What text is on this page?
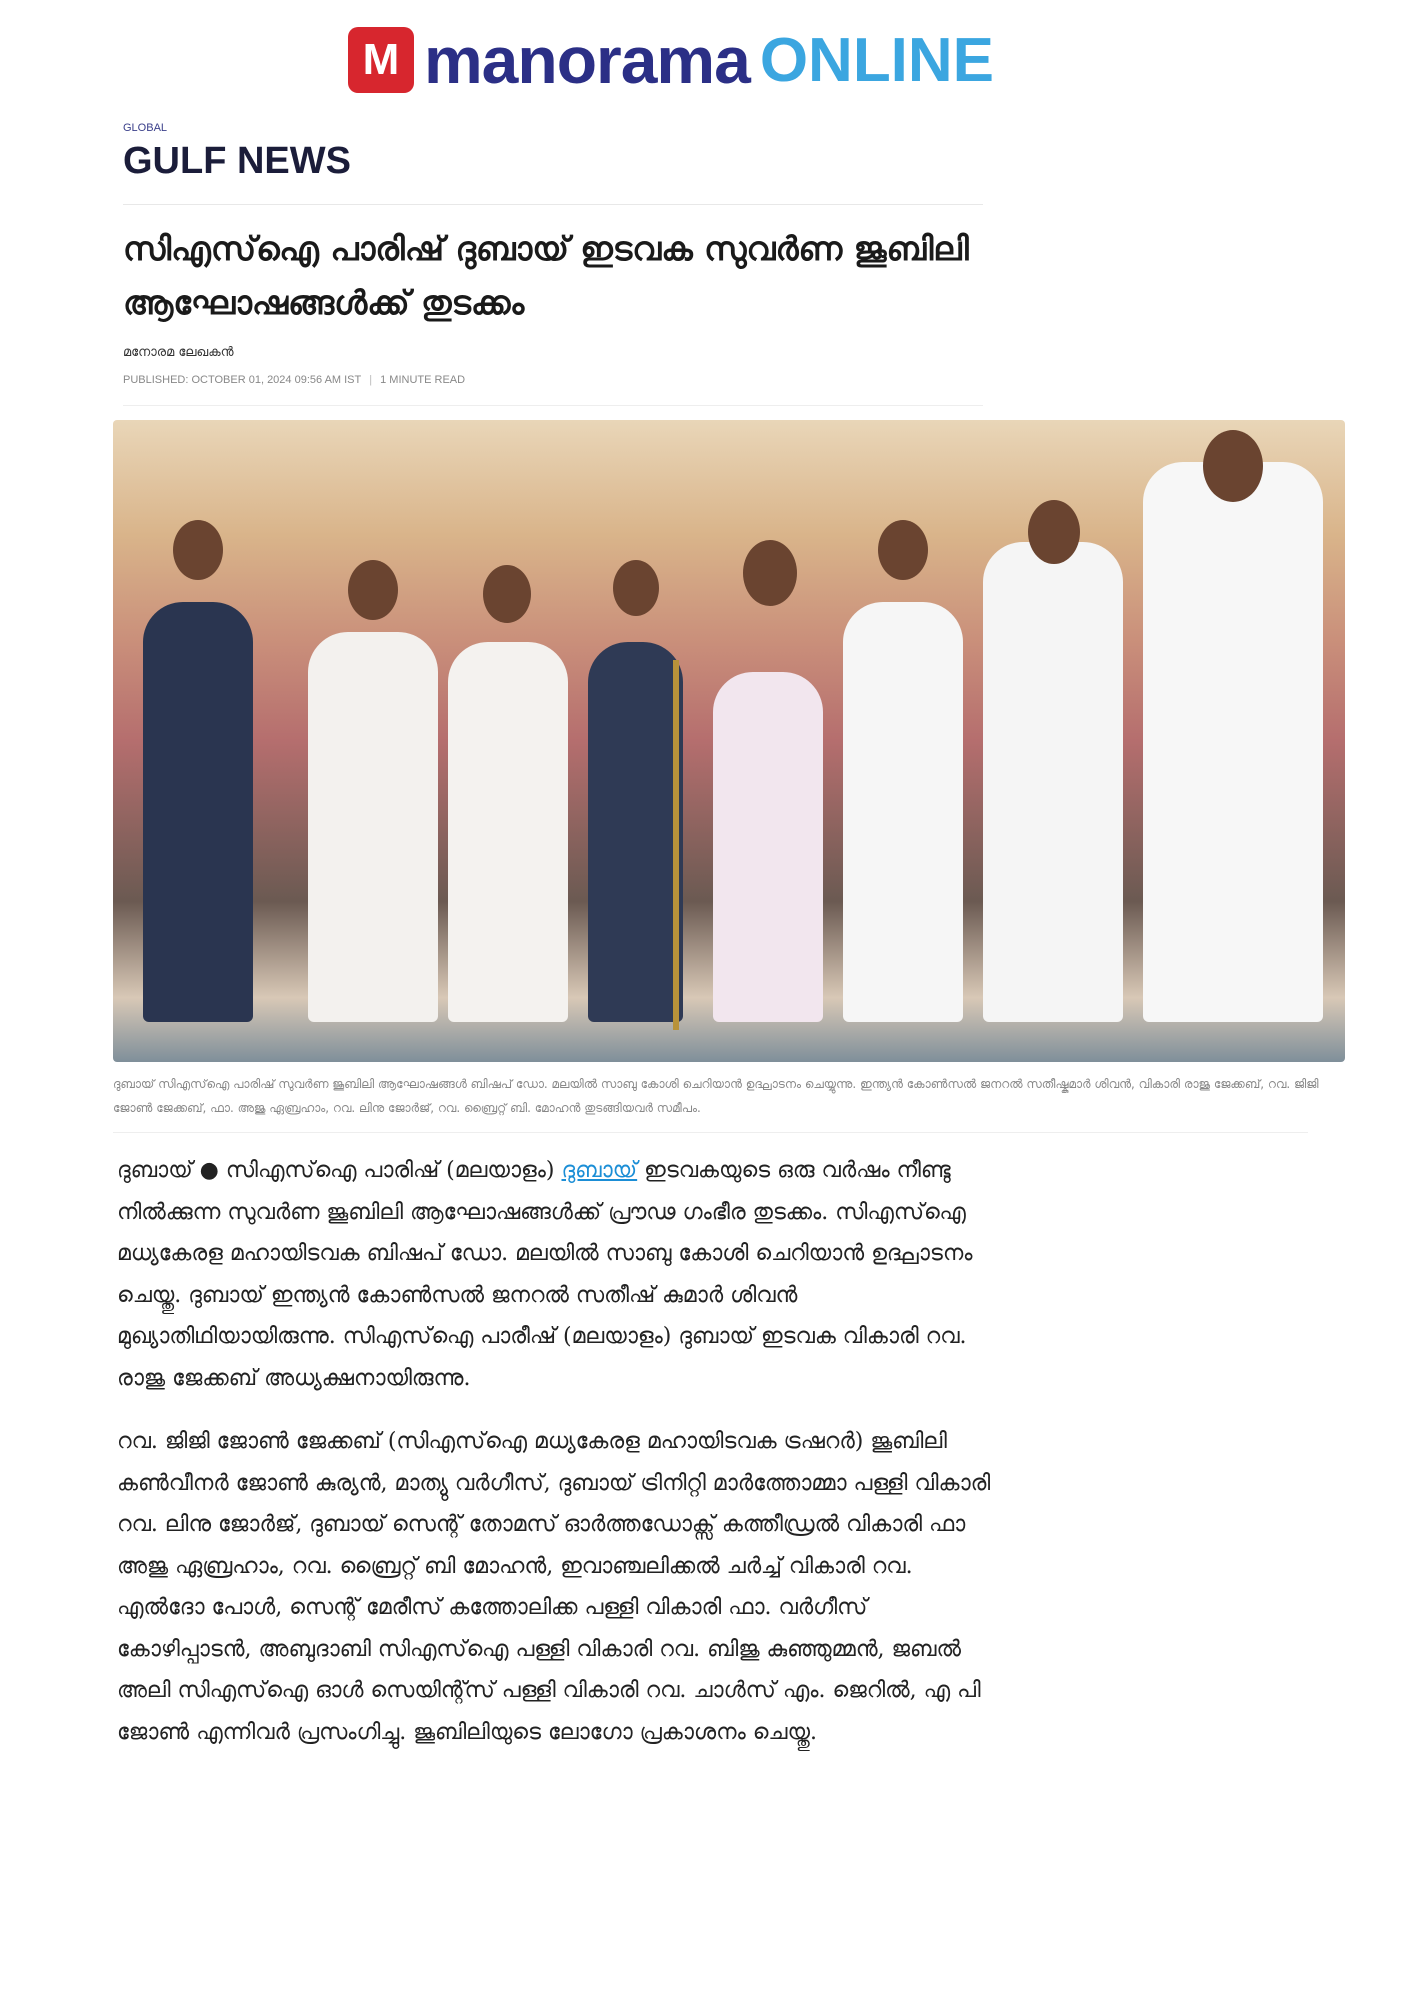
M manorama ONLINE
GLOBAL
GULF NEWS
സിഎസ്ഐ പാരിഷ് ദുബായ് ഇടവക സുവർണ ജൂബിലി ആഘോഷങ്ങൾക്ക് തുടക്കം
മനോരമ ലേഖകൻ
PUBLISHED: OCTOBER 01, 2024 09:56 AM IST | 1 MINUTE READ
ദുബായ് സിഎസ്ഐ പാരിഷ് സുവർണ ജൂബിലി ആഘോഷങ്ങൾ ബിഷപ് ഡോ. മലയിൽ സാബു കോശി ചെറിയാൻ ഉദ്ഘാടനം ചെയ്യുന്നു. ഇന്ത്യൻ കോൺസൽ ജനറൽ സതീഷ്കുമാർ ശിവൻ, വികാരി രാജു ജേക്കബ്, റവ. ജിജി ജോൺ ജേക്കബ്, ഫാ. അജു ഏബ്രഹാം, റവ. ലിനു ജോർജ്, റവ. ബ്രൈറ്റ് ബി. മോഹൻ തുടങ്ങിയവർ സമീപം.

ദുബായ് ● സിഎസ്ഐ പാരിഷ് (മലയാളം) ദുബായ് ഇടവകയുടെ ഒരു വർഷം നീണ്ടു നിൽക്കുന്ന സുവർണ ജൂബിലി ആഘോഷങ്ങൾക്ക് പ്രൗഢ ഗംഭീര തുടക്കം. സിഎസ്ഐ മധ്യകേരള മഹായിടവക ബിഷപ് ഡോ. മലയിൽ സാബു കോശി ചെറിയാൻ ഉദ്ഘാടനം ചെയ്തു. ദുബായ് ഇന്ത്യൻ കോൺസൽ ജനറൽ സതീഷ് കുമാർ ശിവൻ മുഖ്യാതിഥിയായിരുന്നു. സിഎസ്ഐ പാരീഷ് (മലയാളം) ദുബായ് ഇടവക വികാരി റവ. രാജു ജേക്കബ് അധ്യക്ഷനായിരുന്നു.

റവ. ജിജി ജോൺ ജേക്കബ് (സിഎസ്ഐ മധ്യകേരള മഹായിടവക ട്രഷറർ) ജൂബിലി കൺവീനർ ജോൺ കുര്യൻ, മാത്യു വർഗീസ്, ദുബായ് ട്രിനിറ്റി മാർത്തോമ്മാ പള്ളി വികാരി റവ. ലിനു ജോർജ്, ദുബായ് സെന്റ് തോമസ് ഓർത്തഡോക്സ് കത്തീഡ്രൽ വികാരി ഫാ അജു ഏബ്രഹാം, റവ. ബ്രൈറ്റ് ബി മോഹൻ, ഇവാഞ്ചലിക്കൽ ചർച്ച് വികാരി റവ. എൽദോ പോൾ, സെന്റ് മേരീസ് കത്തോലിക്ക പള്ളി വികാരി ഫാ. വർഗീസ് കോഴിപ്പാടൻ, അബുദാബി സിഎസ്ഐ പള്ളി വികാരി റവ. ബിജു കുഞ്ഞുമ്മൻ, ജബൽ അലി സിഎസ്ഐ ഓൾ സെയിന്റ്സ് പള്ളി വികാരി റവ. ചാൾസ് എം. ജെറിൽ, എ പി ജോൺ എന്നിവർ പ്രസംഗിച്ചു. ജൂബിലിയുടെ ലോഗോ പ്രകാശനം ചെയ്തു.
